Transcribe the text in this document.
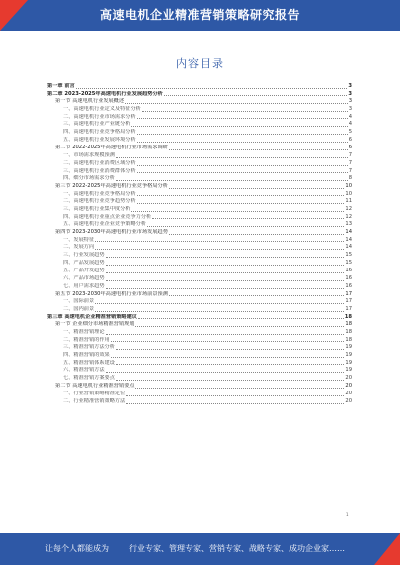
高速电机企业精准营销策略研究报告
内容目录
第一章 前言	3
第二章 2023-2025年高速电机行业发展趋势分析	3
第一节 高速电机行业发展概述	3
一、高速电机行业定义及特征分析	3
二、高速电机行业市场需求分析	4
三、高速电机行业产业链分析	4
四、高速电机行业竞争格局分析	5
五、高速电机行业发展环境分析	6
第二节 2022-2025年高速电机行业市场需求调研	6
一、市场需求规模预测	7
二、高速电机行业消费区域分析	7
三、高速电机行业消费群体分析	7
四、细分市场需求分析	8
第三节 2022-2025年高速电机行业竞争格局分析	10
一、高速电机行业竞争格局分析	10
二、高速电机行业竞争趋势分析	11
三、高速电机行业集中度分析	12
四、高速电机行业重点企业竞争力分析	12
五、高速电机行业企业竞争策略分析	13
第四节 2023-2030年高速电机行业市场发展趋势	14
一、发展特征	14
二、发展方向	14
三、行业发展趋势	15
四、产品发展趋势	15
五、产品开发趋势	16
六、产品市场趋势	16
七、用户需求趋势	16
第五节 2023-2030年高速电机行业市场前景预测	17
一、国际前景	17
二、国内前景	17
第三章 高速电机企业精准营销策略建议	18
第一节 企业细分市场精准营销规划	18
一、精准营销理论	18
二、精准营销的作用	18
三、精准营销方法分析	19
四、精准营销的效果	19
五、精准营销体系建设	19
六、精准营销方法	19
七、精准营销方案要点	20
第二节 高速电机行业精准营销要点	20
一、行业营销策略精准定位	20
二、行业精准营销策略方法	20
1
让每个人都能成为	行业专家、管理专家、营销专家、战略专家、成功企业家……
